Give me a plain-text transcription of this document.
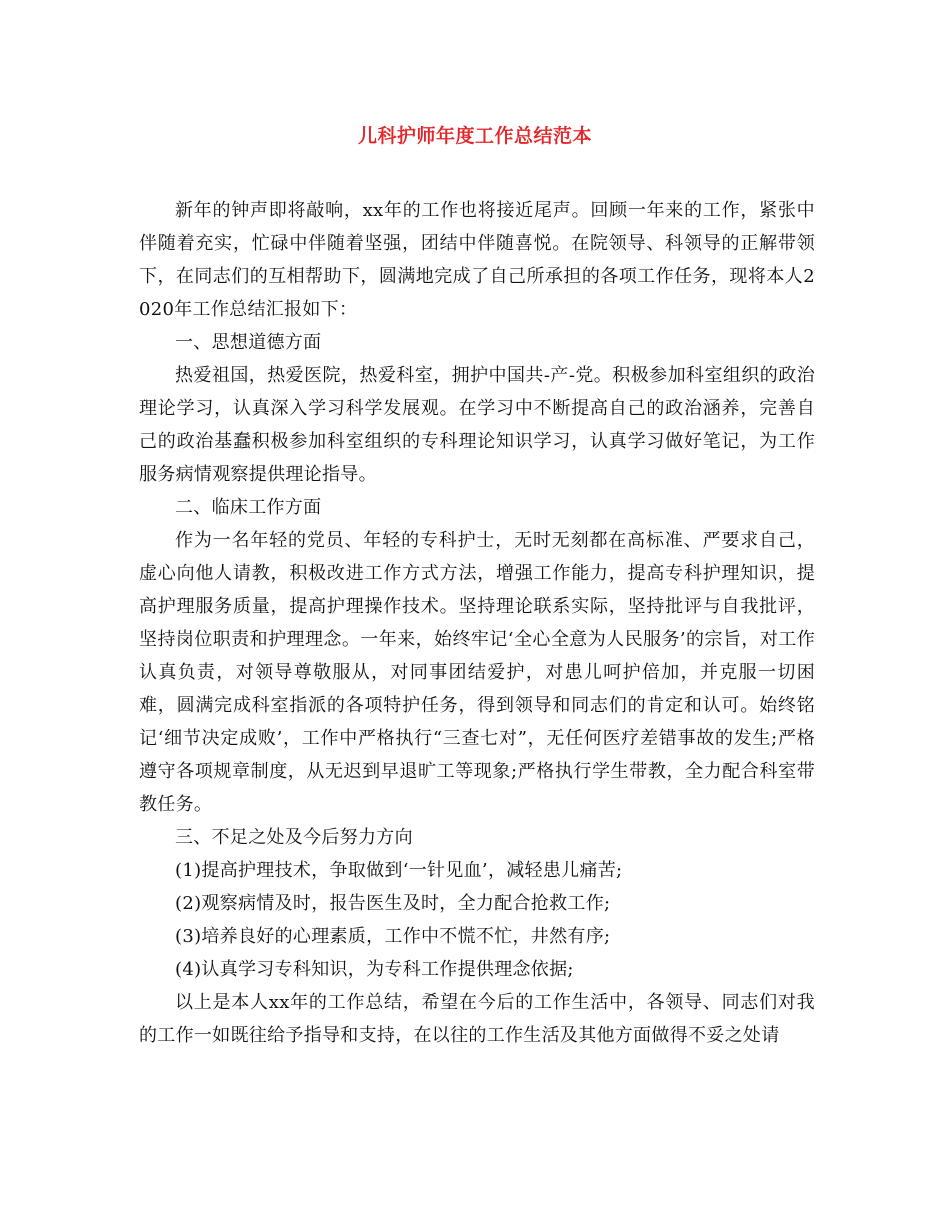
儿科护师年度工作总结范本

新年的钟声即将敲响，xx年的工作也将接近尾声。回顾一年来的工作，紧张中伴随着充实，忙碌中伴随着坚强，团结中伴随喜悦。在院领导、科领导的正解带领下，在同志们的互相帮助下，圆满地完成了自己所承担的各项工作任务，现将本人2020年工作总结汇报如下：

一、思想道德方面

热爱祖国，热爱医院，热爱科室，拥护中国共-产-党。积极参加科室组织的政治理论学习，认真深入学习科学发展观。在学习中不断提高自己的政治涵养，完善自己的政治基蠢积极参加科室组织的专科理论知识学习，认真学习做好笔记，为工作服务病情观察提供理论指导。

二、临床工作方面

作为一名年轻的党员、年轻的专科护士，无时无刻都在高标准、严要求自己，虚心向他人请教，积极改进工作方式方法，增强工作能力，提高专科护理知识，提高护理服务质量，提高护理操作技术。坚持理论联系实际，坚持批评与自我批评，坚持岗位职责和护理理念。一年来，始终牢记‘全心全意为人民服务’的宗旨，对工作认真负责，对领导尊敬服从，对同事团结爱护，对患儿呵护倍加，并克服一切困难，圆满完成科室指派的各项特护任务，得到领导和同志们的肯定和认可。始终铭记‘细节决定成败’，工作中严格执行“三查七对”，无任何医疗差错事故的发生;严格遵守各项规章制度，从无迟到早退旷工等现象;严格执行学生带教，全力配合科室带教任务。

三、不足之处及今后努力方向

(1)提高护理技术，争取做到‘一针见血’，减轻患儿痛苦;

(2)观察病情及时，报告医生及时，全力配合抢救工作;

(3)培养良好的心理素质，工作中不慌不忙，井然有序;

(4)认真学习专科知识，为专科工作提供理念依据;

以上是本人xx年的工作总结，希望在今后的工作生活中，各领导、同志们对我的工作一如既往给予指导和支持，在以往的工作生活及其他方面做得不妥之处请
